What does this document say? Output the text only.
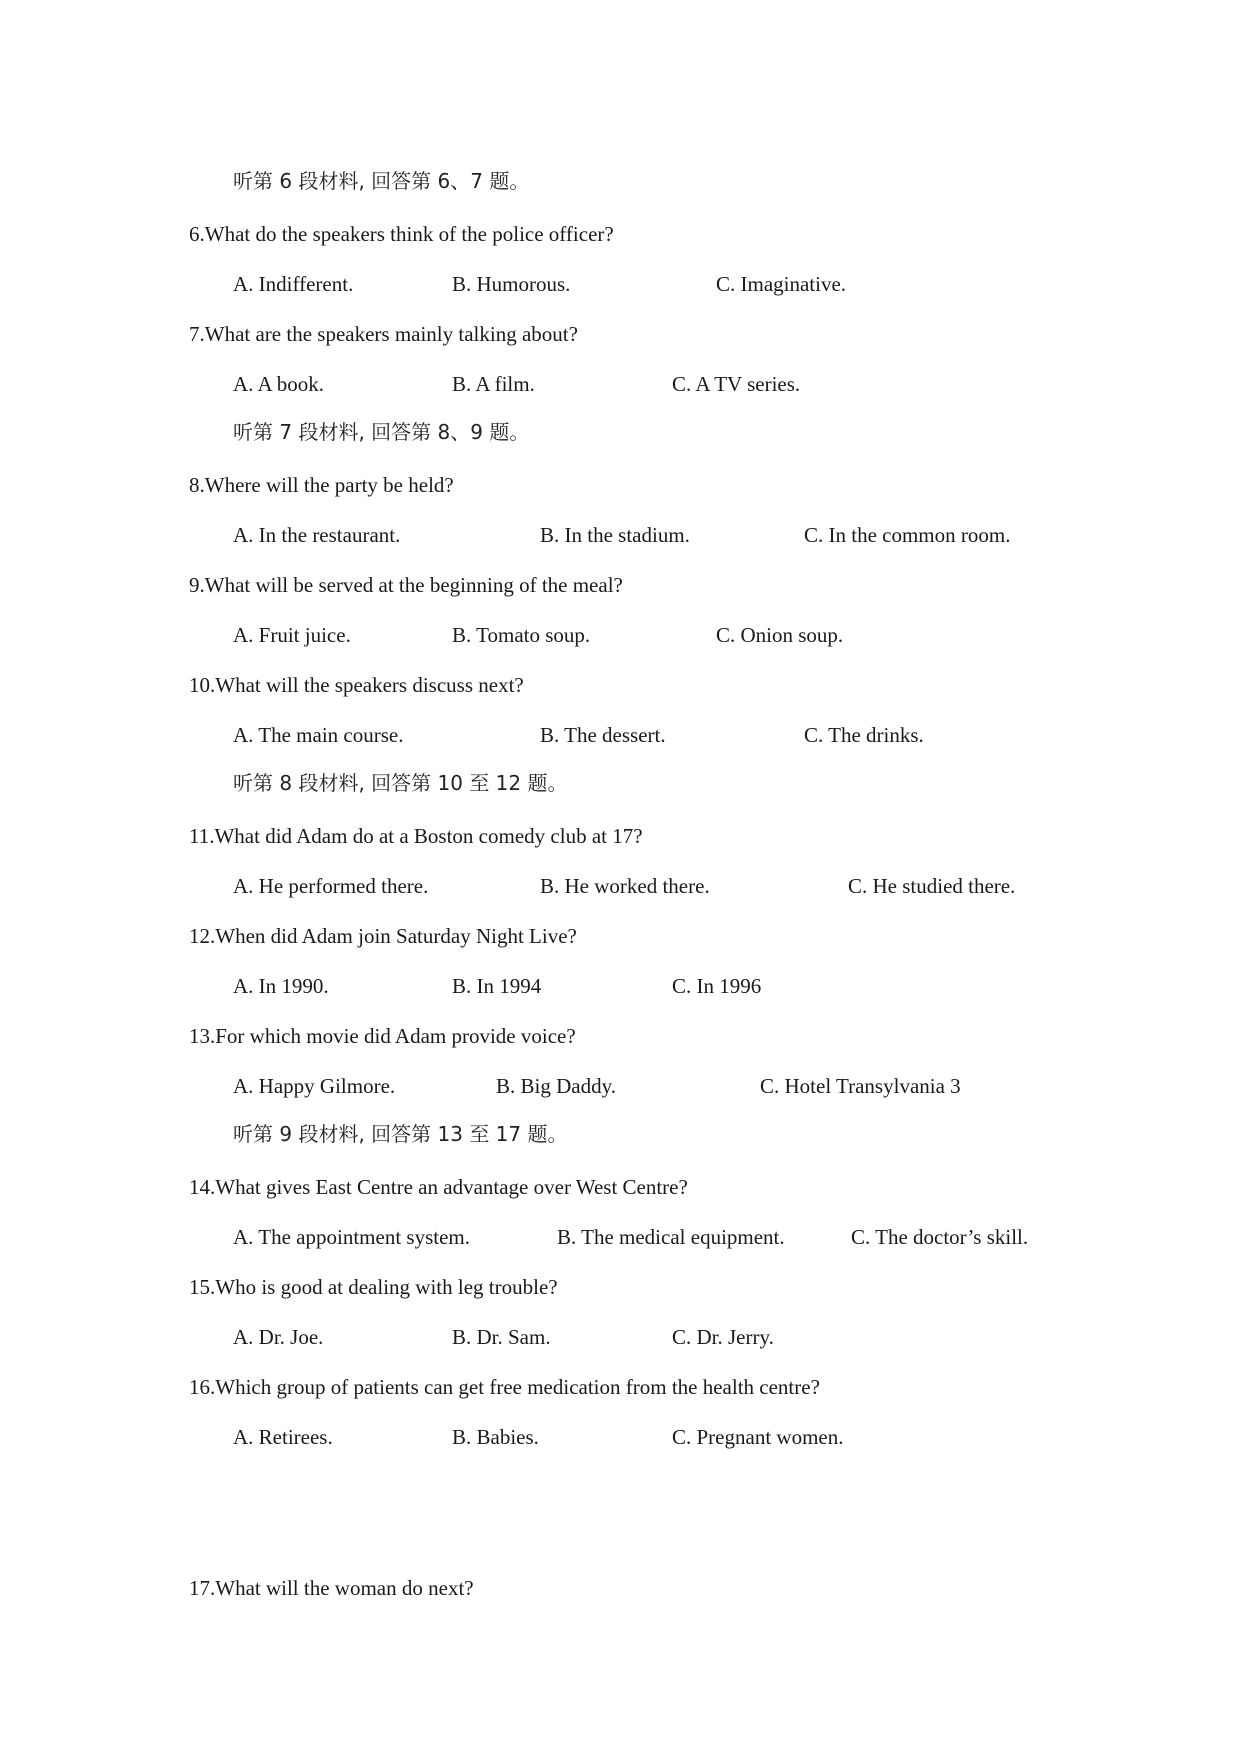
听第 6 段材料, 回答第 6、7 题。
6.What do the speakers think of the police officer?
A. Indifferent.	B. Humorous.	C. Imaginative.
7.What are the speakers mainly talking about?
A. A book.	B. A film.	C. A TV series.
听第 7 段材料, 回答第 8、9 题。
8.Where will the party be held?
A. In the restaurant.	B. In the stadium.	C. In the common room.
9.What will be served at the beginning of the meal?
A. Fruit juice.	B. Tomato soup.	C. Onion soup.
10.What will the speakers discuss next?
A. The main course.	B. The dessert.	C. The drinks.
听第 8 段材料, 回答第 10 至 12 题。
11.What did Adam do at a Boston comedy club at 17?
A. He performed there.	B. He worked there.	C. He studied there.
12.When did Adam join Saturday Night Live?
A. In 1990.	B. In 1994	C. In 1996
13.For which movie did Adam provide voice?
A. Happy Gilmore.	B. Big Daddy.	C. Hotel Transylvania 3
听第 9 段材料, 回答第 13 至 17 题。
14.What gives East Centre an advantage over West Centre?
A. The appointment system.	B. The medical equipment.	C. The doctor’s skill.
15.Who is good at dealing with leg trouble?
A. Dr. Joe.	B. Dr. Sam.	C. Dr. Jerry.
16.Which group of patients can get free medication from the health centre?
A. Retirees.	B. Babies.	C. Pregnant women.
17.What will the woman do next?
